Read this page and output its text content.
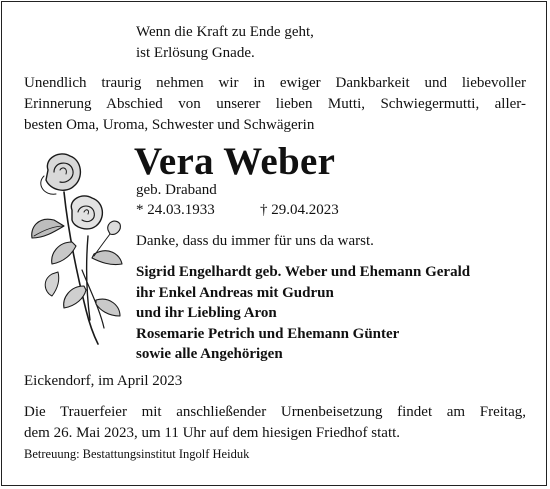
Wenn die Kraft zu Ende geht,
ist Erlösung Gnade.
Unendlich traurig nehmen wir in ewiger Dankbarkeit und liebevoller
Erinnerung Abschied von unserer lieben Mutti, Schwiegermutti, aller-
besten Oma, Uroma, Schwester und Schwägerin
Vera Weber
geb. Draband
* 24.03.1933	† 29.04.2023
Danke, dass du immer für uns da warst.
Sigrid Engelhardt geb. Weber und Ehemann Gerald
ihr Enkel Andreas mit Gudrun
und ihr Liebling Aron
Rosemarie Petrich und Ehemann Günter
sowie alle Angehörigen
Eickendorf, im April 2023
Die Trauerfeier mit anschließender Urnenbeisetzung findet am Freitag,
dem 26. Mai 2023, um 11 Uhr auf dem hiesigen Friedhof statt.
Betreuung: Bestattungsinstitut Ingolf Heiduk
